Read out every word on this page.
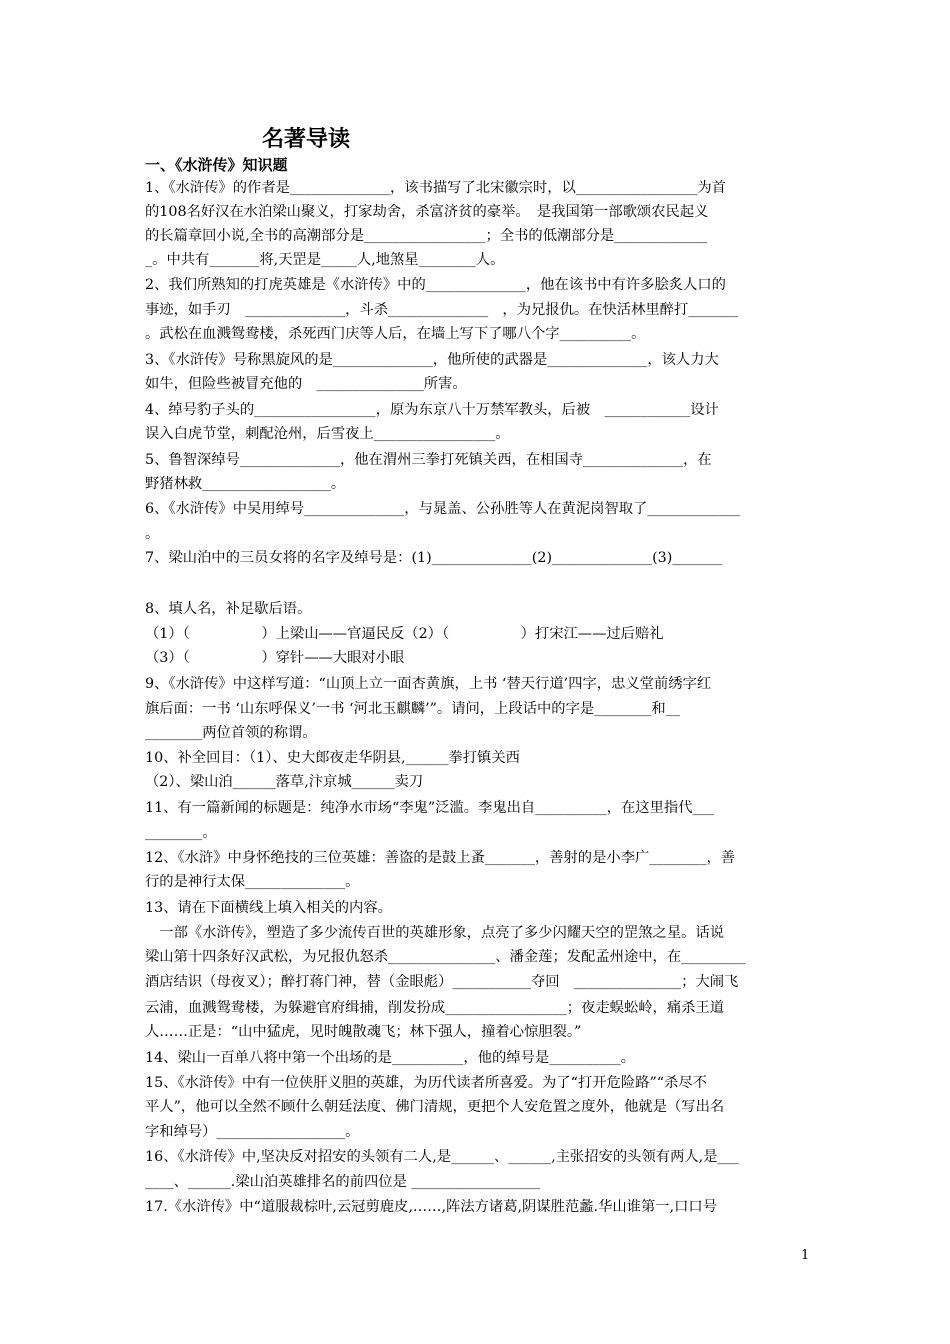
名著导读
一、《水浒传》知识题
1、《水浒传》的作者是______________，该书描写了北宋徽宗时，以_________________为首
的108名好汉在水泊梁山聚义，打家劫舍，杀富济贫的豪举。　是我国第一部歌颂农民起义
的长篇章回小说,全书的高潮部分是_________________；全书的低潮部分是_____________
_。中共有_______将,天罡是_____人,地煞星________人。
2、我们所熟知的打虎英雄是《水浒传》中的______________，他在该书中有许多脍炙人口的
事迹，如手刃　______________，斗杀______________　，为兄报仇。在快活林里醉打_______
。武松在血溅鸳鸯楼，杀死西门庆等人后，在墙上写下了哪八个字__________。
3、《水浒传》号称黑旋风的是______________，他所使的武器是______________，该人力大
如牛，但险些被冒充他的　_______________所害。
4、绰号豹子头的_________________，原为东京八十万禁军教头，后被　____________设计
误入白虎节堂，刺配沧州，后雪夜上_________________。
5、鲁智深绰号______________，他在渭州三拳打死镇关西，在相国寺______________，在
野猪林救__________________。
6、《水浒传》中吴用绰号______________，与晁盖、公孙胜等人在黄泥岗智取了_____________
。
7、梁山泊中的三员女将的名字及绰号是：(1)______________(2)______________(3)_______
8、填人名，补足歇后语。
（1）（　　　　　）上梁山——官逼民反（2）（　　　　　）打宋江——过后赔礼
（3）（　　　　　）穿针——大眼对小眼
9、《水浒传》中这样写道：“山顶上立一面杏黄旗，上书 ‘替天行道’四字，忠义堂前绣字红
旗后面：一书 ‘山东呼保义’一书 ‘河北玉麒麟’”。请问，上段话中的字是________和__
________两位首领的称谓。
10、补全回目：（1）、史大郎夜走华阴县,______拳打镇关西
（2）、梁山泊______落草,汴京城______卖刀
11、有一篇新闻的标题是：纯净水市场“李鬼”泛滥。李鬼出自__________，在这里指代___
________。
12、《水浒》中身怀绝技的三位英雄：善盗的是鼓上蚤_______，善射的是小李广________，善
行的是神行太保______________。
13、请在下面横线上填入相关的内容。
　一部《水浒传》，塑造了多少流传百世的英雄形象，点亮了多少闪耀天空的罡煞之星。话说
梁山第十四条好汉武松，为兄报仇怒杀_______________、潘金莲；发配孟州途中，在_________
酒店结识（母夜叉）；醉打蒋门神，替（金眼彪）___________夺回　_______________；大闹飞
云浦，血溅鸳鸯楼，为躲避官府缉捕，削发扮成_________________；夜走蜈蚣岭，痛杀王道
人……正是：“山中猛虎，见时魄散魂飞；林下强人，撞着心惊胆裂。”
14、梁山一百单八将中第一个出场的是__________，他的绰号是__________。
15、《水浒传》中有一位侠肝义胆的英雄，为历代读者所喜爱。为了“打开危险路”“杀尽不
平人”，他可以全然不顾什么朝廷法度、佛门清规，更把个人安危置之度外，他就是（写出名
字和绰号）__________________。
16、《水浒传》中,坚决反对招安的头领有二人,是______、______,主张招安的头领有两人,是___
____、______.梁山泊英雄排名的前四位是 __________________
17.《水浒传》中“道服裁棕叶,云冠剪鹿皮,……,阵法方诸葛,阴谋胜范蠡.华山谁第一,口口号
1
